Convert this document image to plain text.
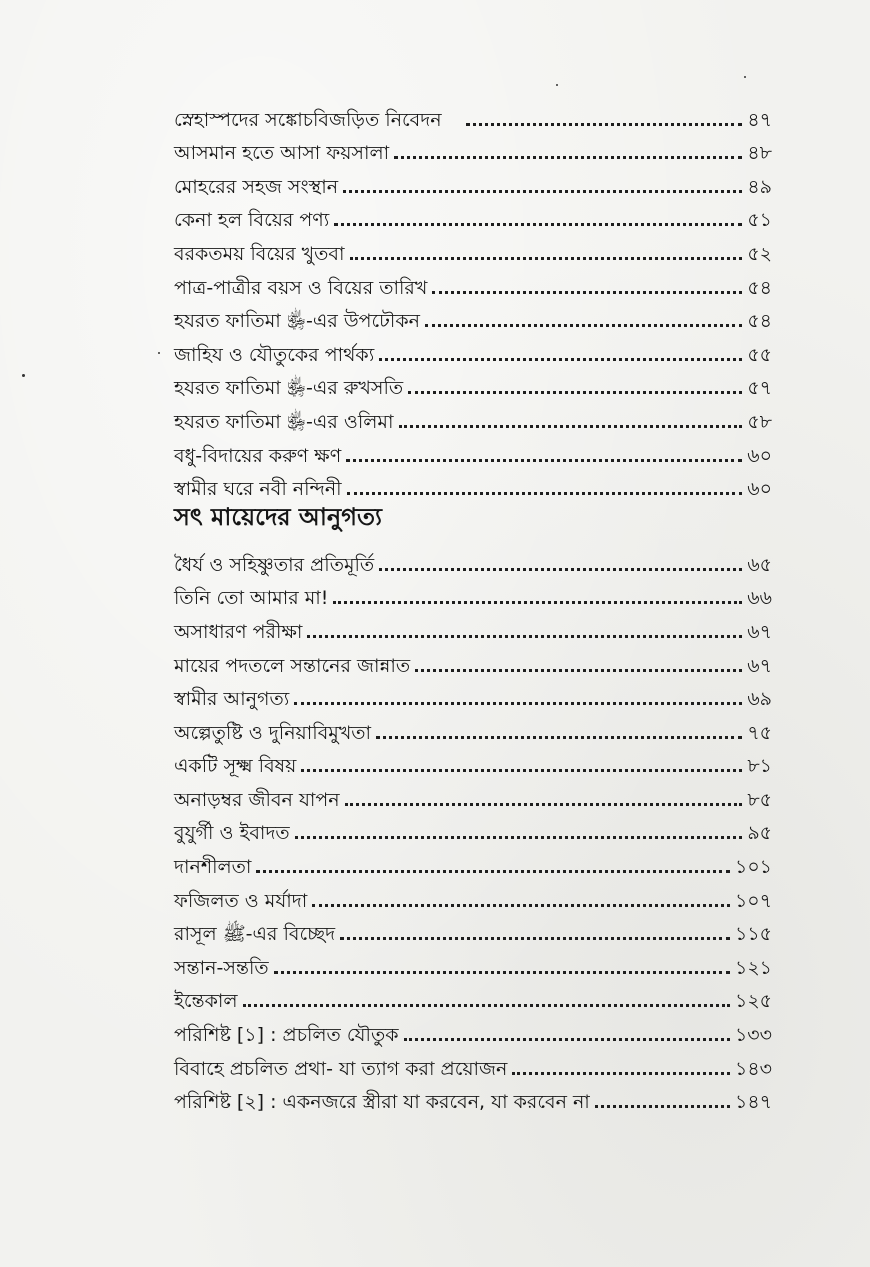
স্নেহাস্পদের সঙ্কোচবিজড়িত নিবেদন	৪৭
আসমান হতে আসা ফয়সালা	৪৮
মোহরের সহজ সংস্থান	৪৯
কেনা হল বিয়ের পণ্য	৫১
বরকতময় বিয়ের খুতবা	৫২
পাত্র-পাত্রীর বয়স ও বিয়ের তারিখ	৫৪
হযরত ফাতিমা ﵂-এর উপঢৌকন	৫৪
জাহিয ও যৌতুকের পার্থক্য	৫৫
হযরত ফাতিমা ﵂-এর রুখসতি	৫৭
হযরত ফাতিমা ﵂-এর ওলিমা	৫৮
বধু-বিদায়ের করুণ ক্ষণ	৬০
স্বামীর ঘরে নবী নন্দিনী	৬০
সৎ মায়েদের আনুগত্য
ধৈর্য ও সহিষ্ণুতার প্রতিমূর্তি	৬৫
তিনি তো আমার মা!	৬৬
অসাধারণ পরীক্ষা	৬৭
মায়ের পদতলে সন্তানের জান্নাত	৬৭
স্বামীর আনুগত্য	৬৯
অল্পেতুষ্টি ও দুনিয়াবিমুখতা	৭৫
একটি সূক্ষ্ম বিষয়	৮১
অনাড়ম্বর জীবন যাপন	৮৫
বুযুর্গী ও ইবাদত	৯৫
দানশীলতা	১০১
ফজিলত ও মর্যাদা	১০৭
রাসূল ﷺ-এর বিচ্ছেদ	১১৫
সন্তান-সন্ততি	১২১
ইন্তেকাল	১২৫
পরিশিষ্ট [১] : প্রচলিত যৌতুক	১৩৩
বিবাহে প্রচলিত প্রথা- যা ত্যাগ করা প্রয়োজন	১৪৩
পরিশিষ্ট [২] : একনজরে স্ত্রীরা যা করবেন, যা করবেন না	১৪৭
